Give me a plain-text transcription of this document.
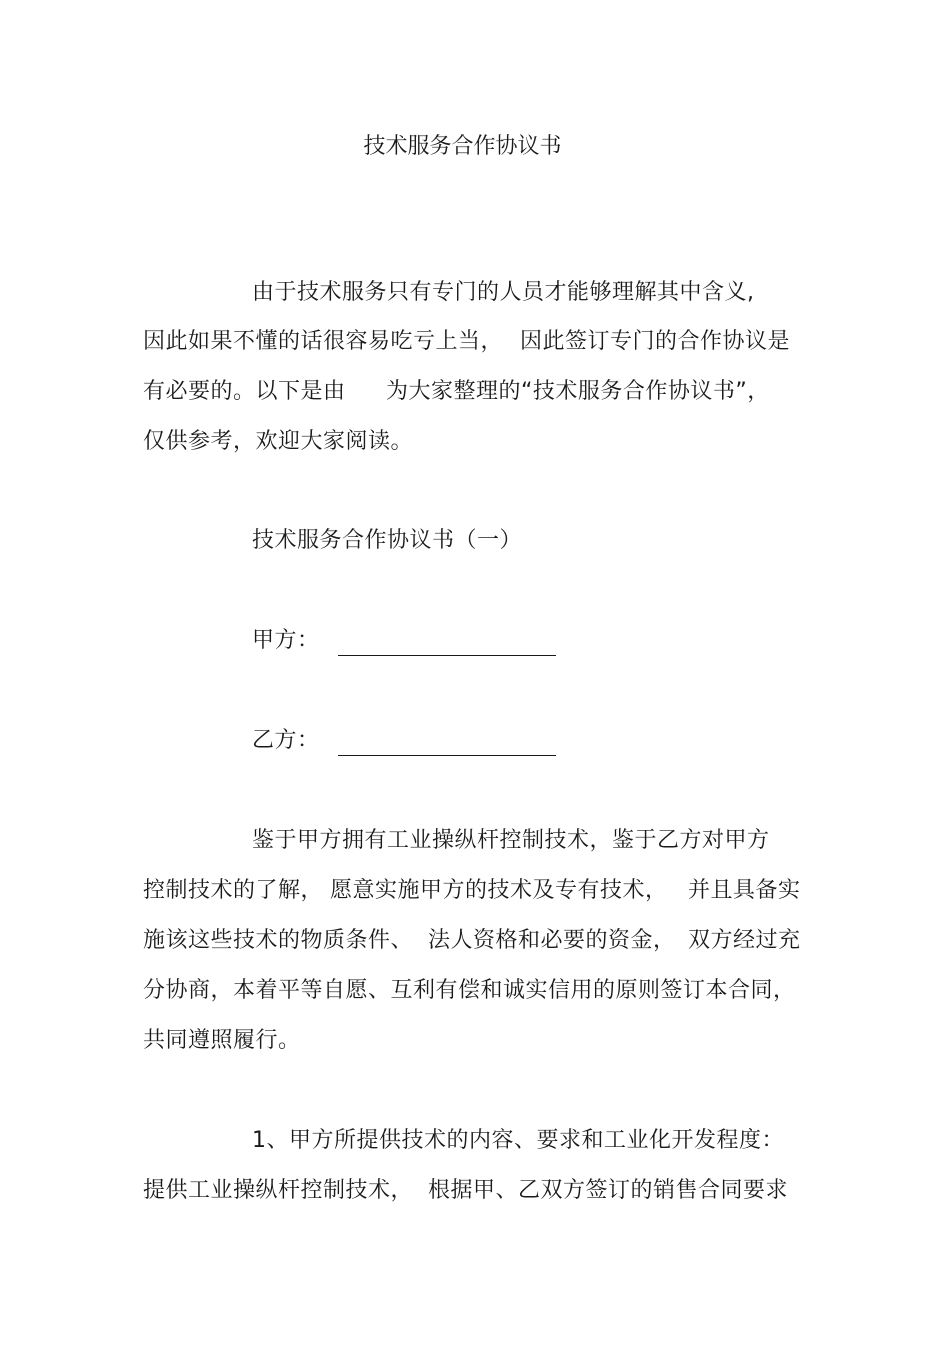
技术服务合作协议书
由于技术服务只有专门的人员才能够理解其中含义,
因此如果不懂的话很容易吃亏上当， 因此签订专门的合作协议是
有必要的。以下是由 为大家整理的“技术服务合作协议书”，
仅供参考，欢迎大家阅读。
技术服务合作协议书（一）
甲方：
乙方：
鉴于甲方拥有工业操纵杆控制技术，鉴于乙方对甲方
控制技术的了解， 愿意实施甲方的技术及专有技术， 并且具备实
施该这些技术的物质条件、 法人资格和必要的资金， 双方经过充
分协商，本着平等自愿、互利有偿和诚实信用的原则签订本合同，
共同遵照履行。
1、甲方所提供技术的内容、要求和工业化开发程度：
提供工业操纵杆控制技术， 根据甲、乙双方签订的销售合同要求
